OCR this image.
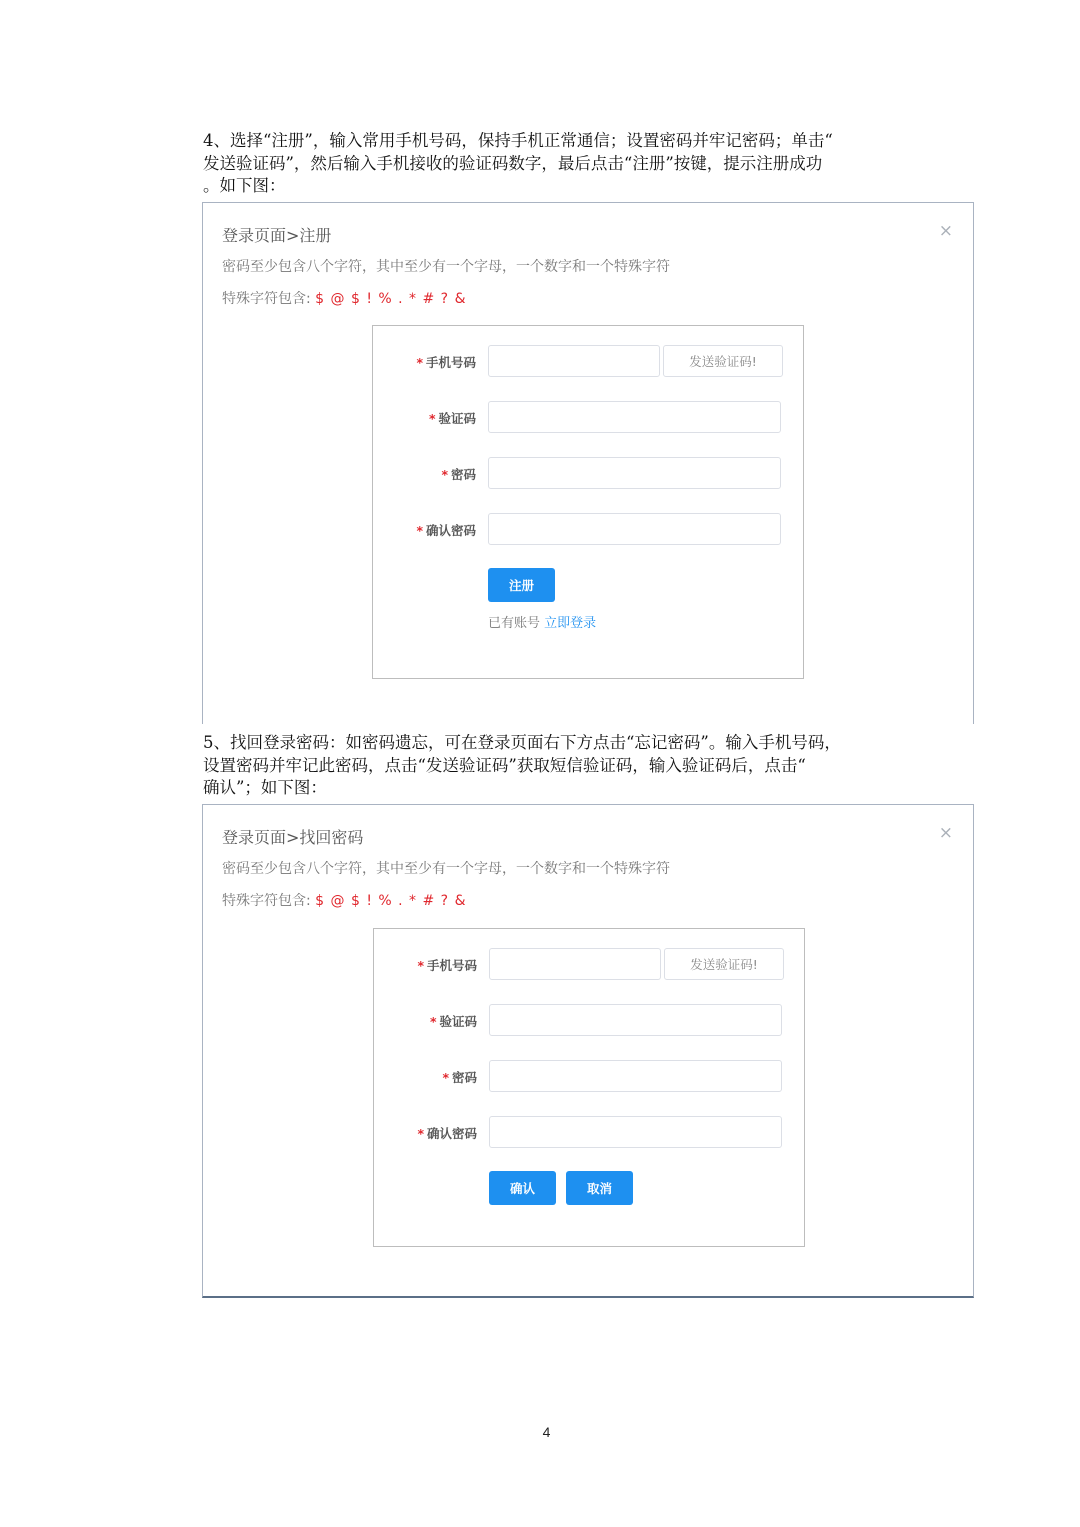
4、选择“注册”，输入常用手机号码，保持手机正常通信；设置密码并牢记密码；单击“
发送验证码”，然后输入手机接收的验证码数字，最后点击“注册”按键，提示注册成功
。如下图：
登录页面>注册	×
密码至少包含八个字符，其中至少有一个字母，一个数字和一个特殊字符
特殊字符包含: $ @ $ ! % . * # ? &
* 手机号码	发送验证码!
* 验证码
* 密码
* 确认密码
注册
已有账号 立即登录
5、找回登录密码：如密码遗忘，可在登录页面右下方点击“忘记密码”。输入手机号码，
设置密码并牢记此密码，点击“发送验证码”获取短信验证码，输入验证码后，点击“
确认”；如下图：
登录页面>找回密码	×
密码至少包含八个字符，其中至少有一个字母，一个数字和一个特殊字符
特殊字符包含: $ @ $ ! % . * # ? &
* 手机号码	发送验证码!
* 验证码
* 密码
* 确认密码
确认	取消
4
